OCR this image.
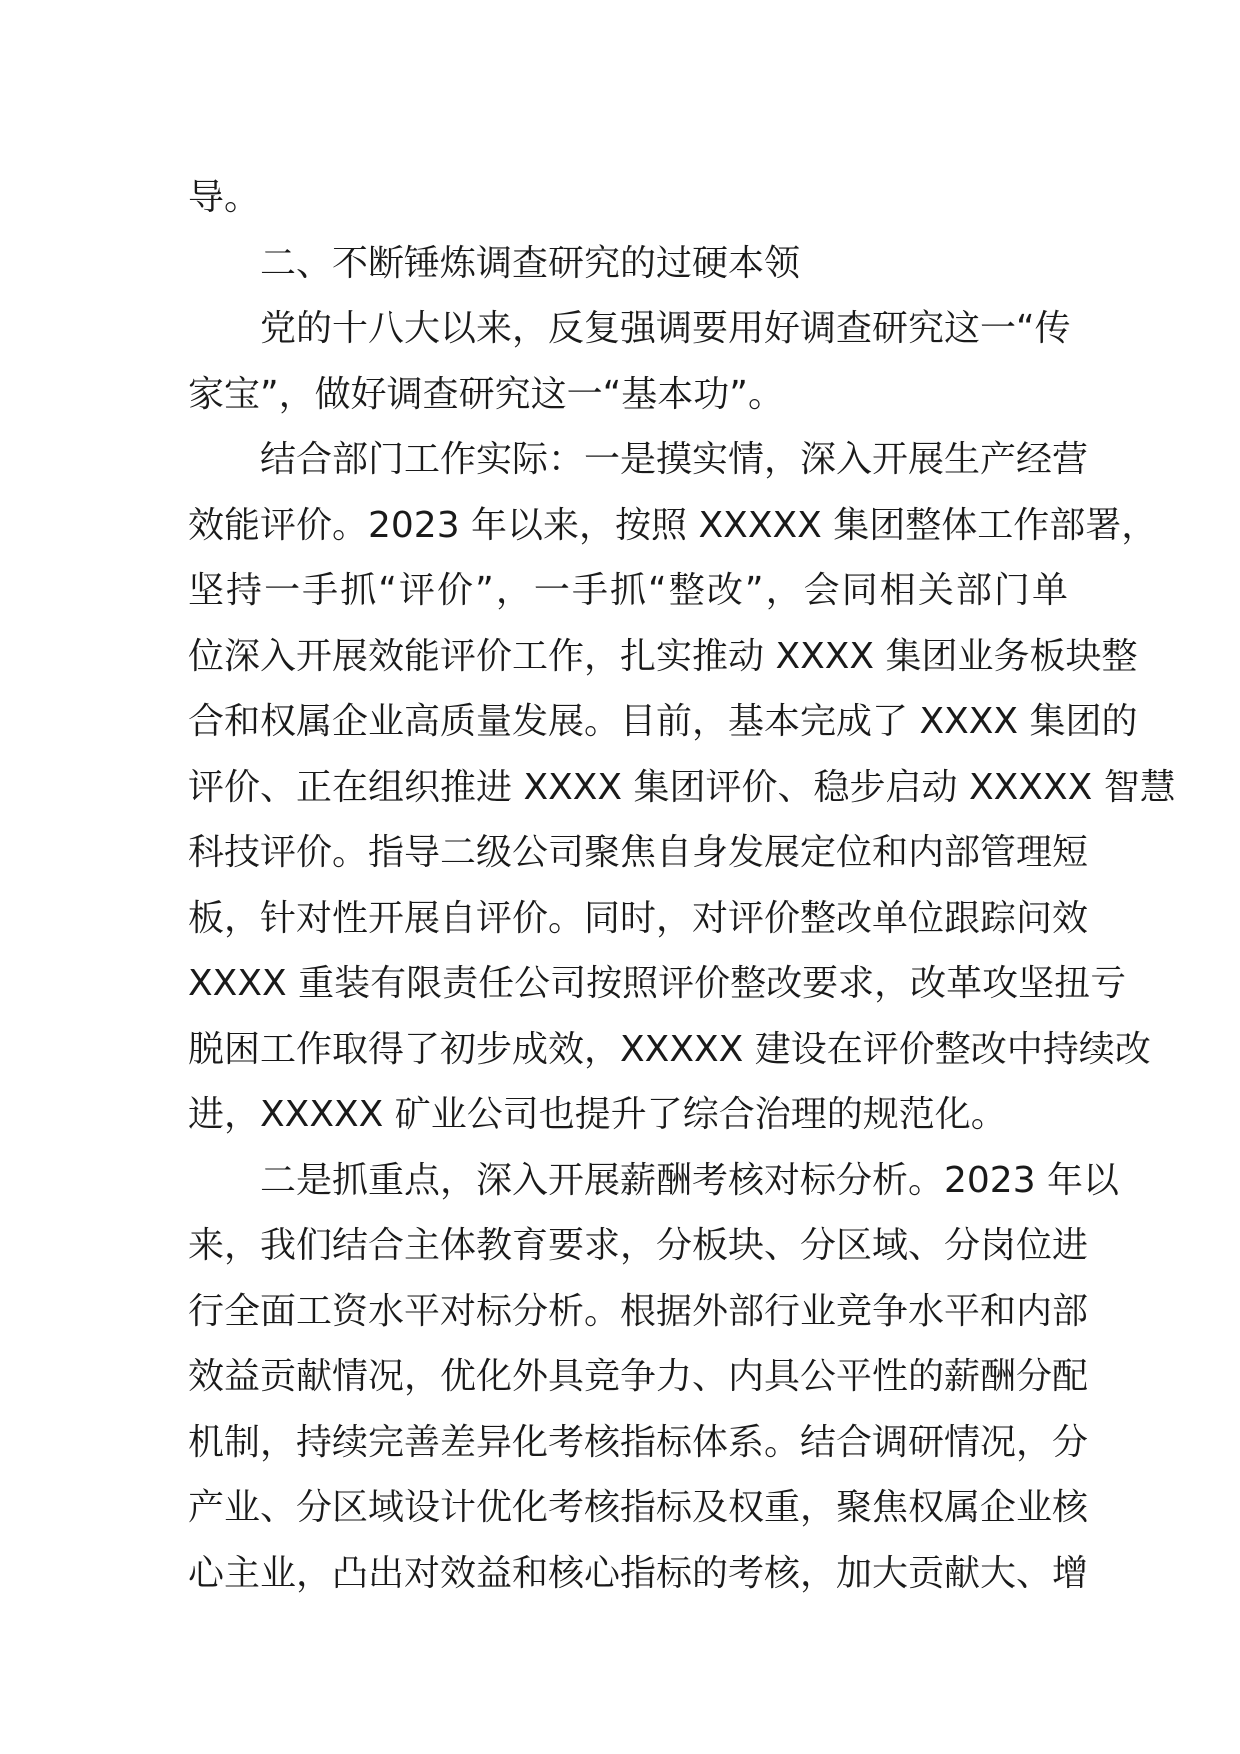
导。
二、不断锤炼调查研究的过硬本领
党的十八大以来，反复强调要用好调查研究这一“传
家宝”，做好调查研究这一“基本功”。
结合部门工作实际：一是摸实情，深入开展生产经营
效能评价。2023 年以来，按照 XXXXX 集团整体工作部署，
坚持一手抓“评价”，一手抓“整改”，会同相关部门单
位深入开展效能评价工作，扎实推动 XXXX 集团业务板块整
合和权属企业高质量发展。目前，基本完成了 XXXX 集团的
评价、正在组织推进 XXXX 集团评价、稳步启动 XXXXX 智慧
科技评价。指导二级公司聚焦自身发展定位和内部管理短
板，针对性开展自评价。同时，对评价整改单位跟踪问效
XXXX 重装有限责任公司按照评价整改要求，改革攻坚扭亏
脱困工作取得了初步成效，XXXXX 建设在评价整改中持续改
进，XXXXX 矿业公司也提升了综合治理的规范化。
二是抓重点，深入开展薪酬考核对标分析。2023 年以
来，我们结合主体教育要求，分板块、分区域、分岗位进
行全面工资水平对标分析。根据外部行业竞争水平和内部
效益贡献情况，优化外具竞争力、内具公平性的薪酬分配
机制，持续完善差异化考核指标体系。结合调研情况，分
产业、分区域设计优化考核指标及权重，聚焦权属企业核
心主业，凸出对效益和核心指标的考核，加大贡献大、增
